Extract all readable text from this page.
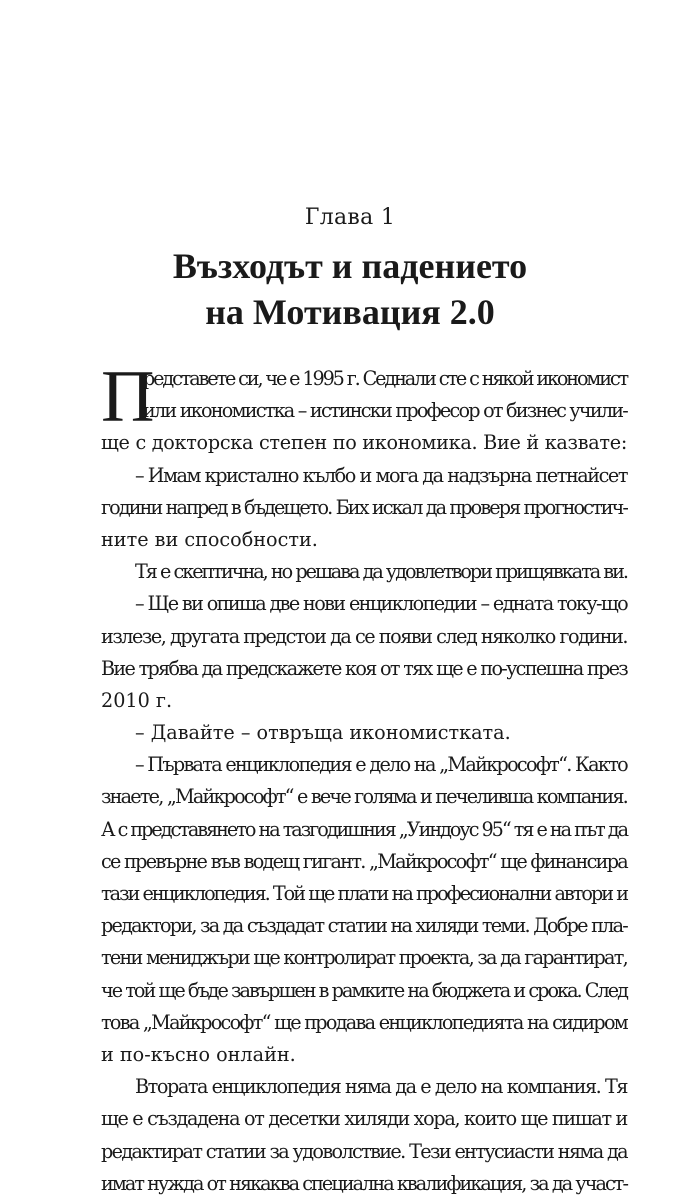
Глава 1
Възходът и падението
на Мотивация 2.0
П
редставете си, че е 1995 г. Седнали сте с някой икономист
или икономистка – истински професор от бизнес учили-
ще с докторска степен по икономика. Вие й казвате:
– Имам кристално кълбо и мога да надзърна петнайсет
години напред в бъдещето. Бих искал да проверя прогностич-
ните ви способности.
Тя е скептична, но решава да удовлетвори прищявката ви.
– Ще ви опиша две нови енциклопедии – едната току-що
излезе, другата предстои да се появи след няколко години.
Вие трябва да предскажете коя от тях ще е по-успешна през
2010 г.
– Давайте – отвръща икономистката.
– Първата енциклопедия е дело на „Майкрософт“. Както
знаете, „Майкрософт“ е вече голяма и печеливша компания.
А с представянето на тазгодишния „Уиндоус 95“ тя е на път да
се превърне във водещ гигант. „Майкрософт“ ще финансира
тази енциклопедия. Той ще плати на професионални автори и
редактори, за да създадат статии на хиляди теми. Добре пла-
тени мениджъри ще контролират проекта, за да гарантират,
че той ще бъде завършен в рамките на бюджета и срока. След
това „Майкрософт“ ще продава енциклопедията на сидиром
и по-късно онлайн.
Втората енциклопедия няма да е дело на компания. Тя
ще е създадена от десетки хиляди хора, които ще пишат и
редактират статии за удоволствие. Тези ентусиасти няма да
имат нужда от някаква специална квалификация, за да участ-
